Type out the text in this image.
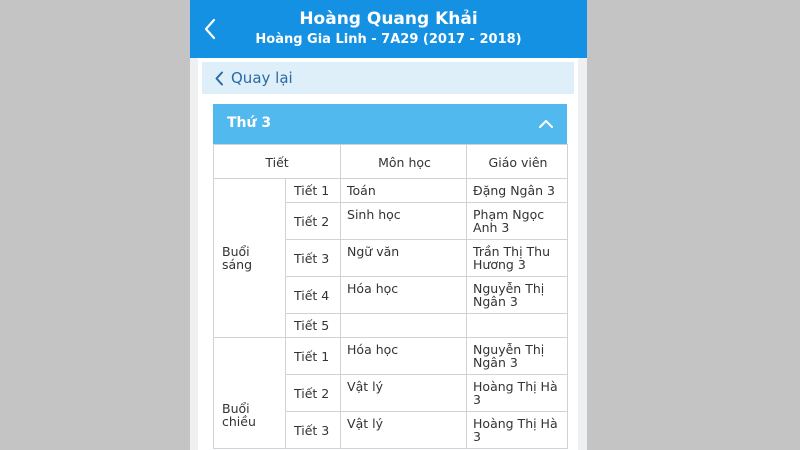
Hoàng Quang Khải
Hoàng Gia Linh - 7A29 (2017 - 2018)
Quay lại
Thứ 3
Tiết		Môn học	Giáo viên

Buổi
sáng	Tiết 1	Toán	Đặng Ngân 3
	Tiết 2	Sinh học	Phạm Ngọc Anh 3
	Tiết 3	Ngữ văn	Trần Thị Thu Hương 3
	Tiết 4	Hóa học	Nguyễn Thị Ngân 3
	Tiết 5		

Buổi
chiều	Tiết 1	Hóa học	Nguyễn Thị Ngân 3
	Tiết 2	Vật lý	Hoàng Thị Hà 3
	Tiết 3	Vật lý	Hoàng Thị Hà 3
